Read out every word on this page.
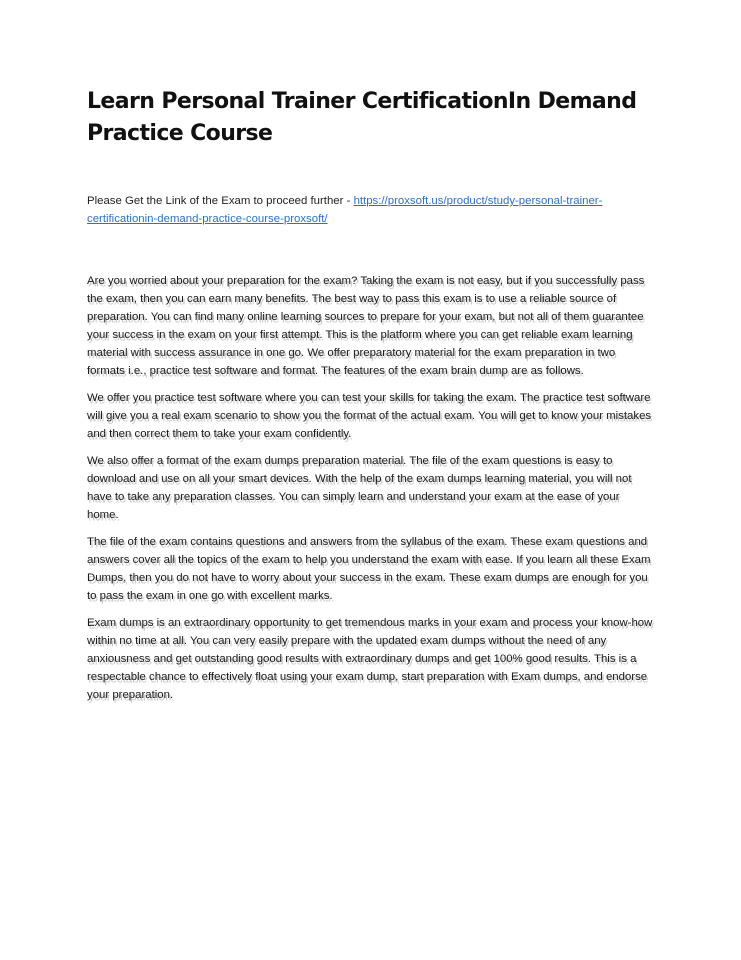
Learn Personal Trainer CertificationIn Demand Practice Course
Please Get the Link of the Exam to proceed further - https://proxsoft.us/product/study-personal-trainer-certificationin-demand-practice-course-proxsoft/

Are you worried about your preparation for the exam? Taking the exam is not easy, but if you successfully pass the exam, then you can earn many benefits. The best way to pass this exam is to use a reliable source of preparation. You can find many online learning sources to prepare for your exam, but not all of them guarantee your success in the exam on your first attempt. This is the platform where you can get reliable exam learning material with success assurance in one go. We offer preparatory material for the exam preparation in two formats i.e., practice test software and format. The features of the exam brain dump are as follows.

We offer you practice test software where you can test your skills for taking the exam. The practice test software will give you a real exam scenario to show you the format of the actual exam. You will get to know your mistakes and then correct them to take your exam confidently.

We also offer a format of the exam dumps preparation material. The file of the exam questions is easy to download and use on all your smart devices. With the help of the exam dumps learning material, you will not have to take any preparation classes. You can simply learn and understand your exam at the ease of your home.

The file of the exam contains questions and answers from the syllabus of the exam. These exam questions and answers cover all the topics of the exam to help you understand the exam with ease. If you learn all these Exam Dumps, then you do not have to worry about your success in the exam. These exam dumps are enough for you to pass the exam in one go with excellent marks.

Exam dumps is an extraordinary opportunity to get tremendous marks in your exam and process your know-how within no time at all. You can very easily prepare with the updated exam dumps without the need of any anxiousness and get outstanding good results with extraordinary dumps and get 100% good results. This is a respectable chance to effectively float using your exam dump, start preparation with Exam dumps, and endorse your preparation.
